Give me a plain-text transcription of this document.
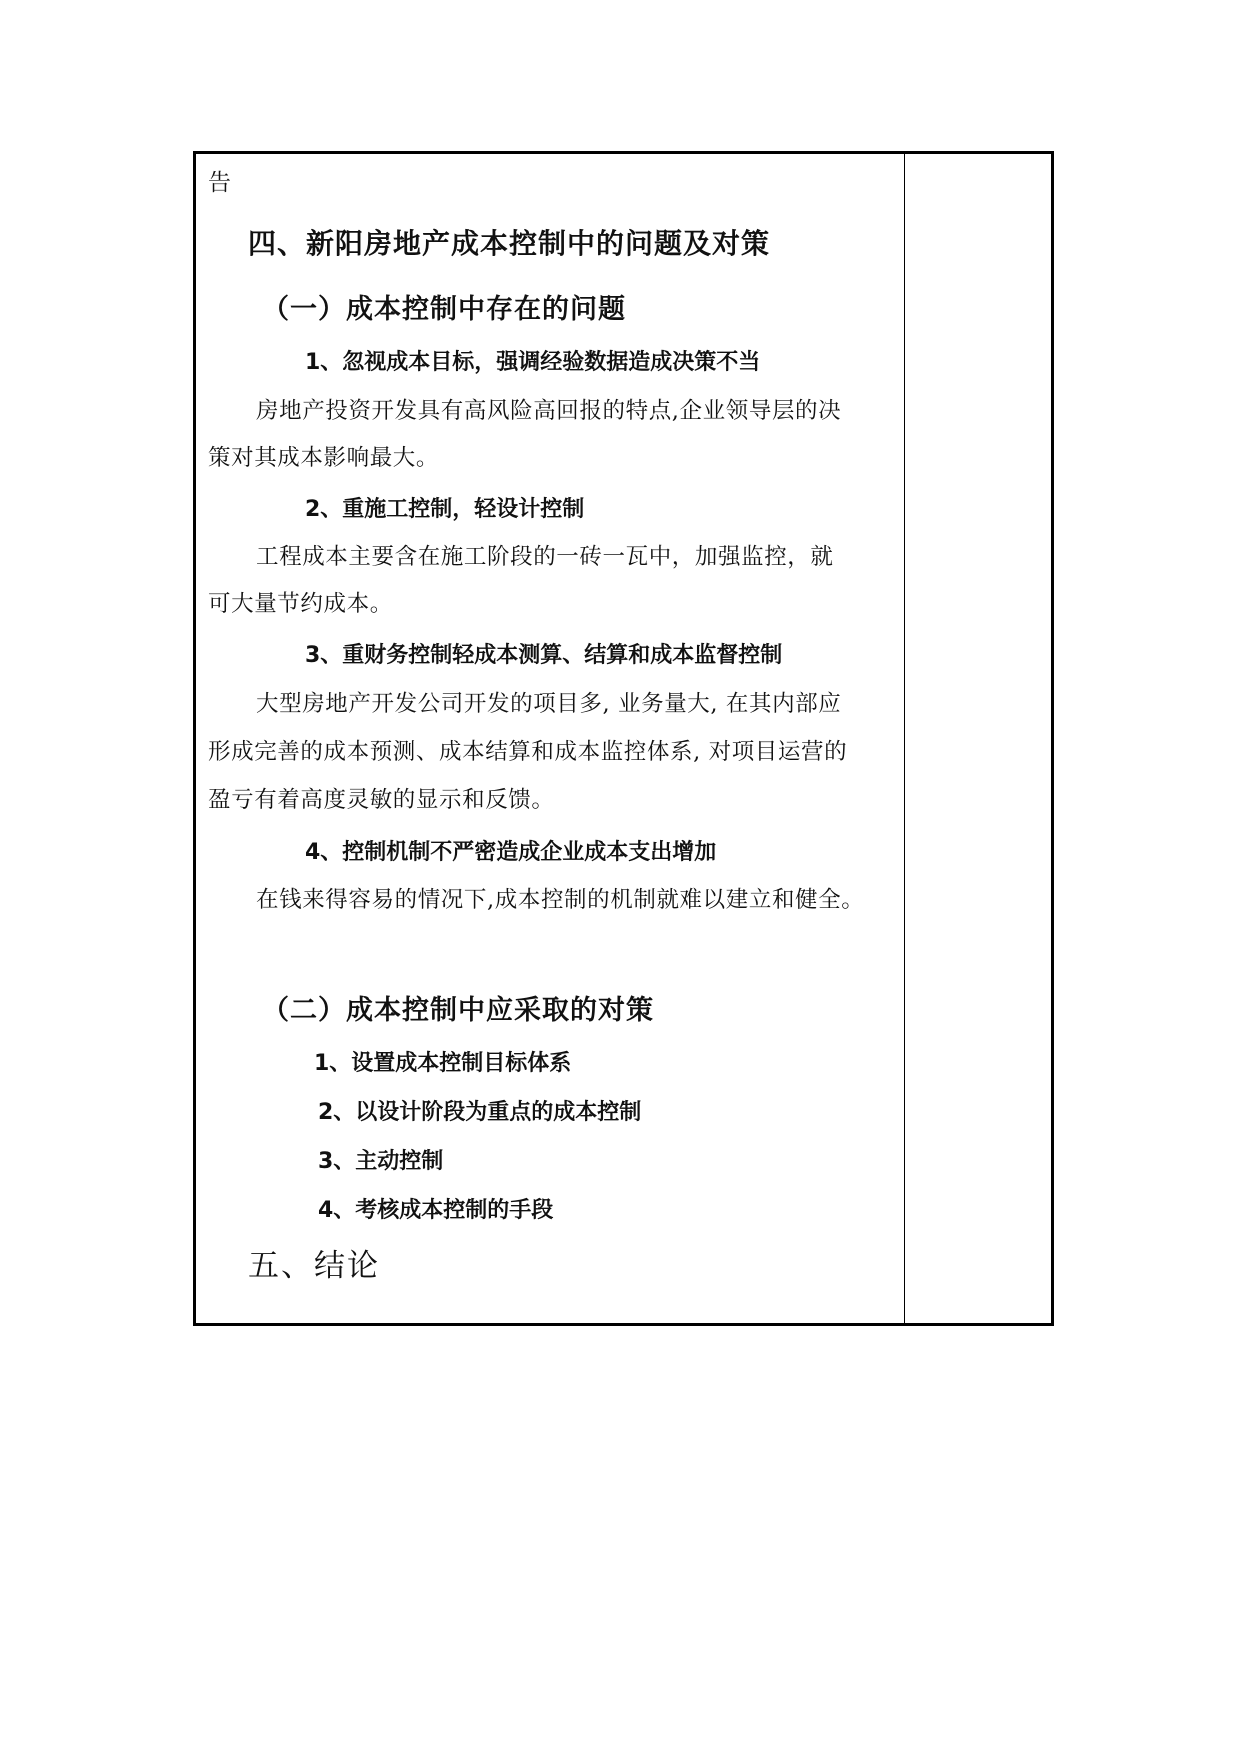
告

四、新阳房地产成本控制中的问题及对策

（一）成本控制中存在的问题

1、忽视成本目标，强调经验数据造成决策不当

房地产投资开发具有高风险高回报的特点,企业领导层的决

策对其成本影响最大。

2、重施工控制，轻设计控制

工程成本主要含在施工阶段的一砖一瓦中，加强监控，就

可大量节约成本。

3、重财务控制轻成本测算、结算和成本监督控制

大型房地产开发公司开发的项目多, 业务量大, 在其内部应

形成完善的成本预测、成本结算和成本监控体系, 对项目运营的

盈亏有着高度灵敏的显示和反馈。

4、控制机制不严密造成企业成本支出增加

在钱来得容易的情况下,成本控制的机制就难以建立和健全。

（二）成本控制中应采取的对策

1、设置成本控制目标体系

2、以设计阶段为重点的成本控制

3、主动控制

4、考核成本控制的手段

五、结论
